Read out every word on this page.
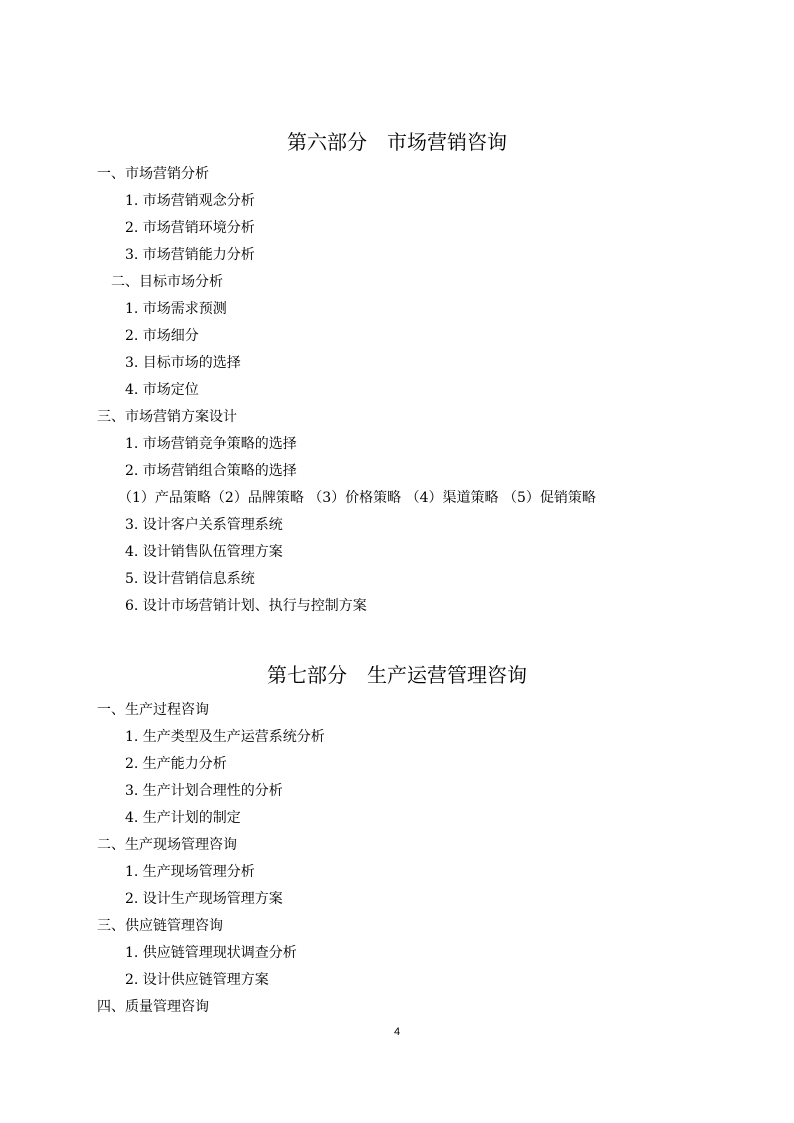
第六部分　市场营销咨询
一、市场营销分析
1. 市场营销观念分析
2. 市场营销环境分析
3. 市场营销能力分析
二、目标市场分析
1. 市场需求预测
2. 市场细分
3. 目标市场的选择
4. 市场定位
三、市场营销方案设计
1. 市场营销竞争策略的选择
2. 市场营销组合策略的选择
（1）产品策略（2）品牌策略 （3）价格策略 （4）渠道策略 （5）促销策略
3. 设计客户关系管理系统
4. 设计销售队伍管理方案
5. 设计营销信息系统
6. 设计市场营销计划、执行与控制方案
第七部分　生产运营管理咨询
一、生产过程咨询
1. 生产类型及生产运营系统分析
2. 生产能力分析
3. 生产计划合理性的分析
4. 生产计划的制定
二、生产现场管理咨询
1. 生产现场管理分析
2. 设计生产现场管理方案
三、供应链管理咨询
1. 供应链管理现状调查分析
2. 设计供应链管理方案
四、质量管理咨询
4
